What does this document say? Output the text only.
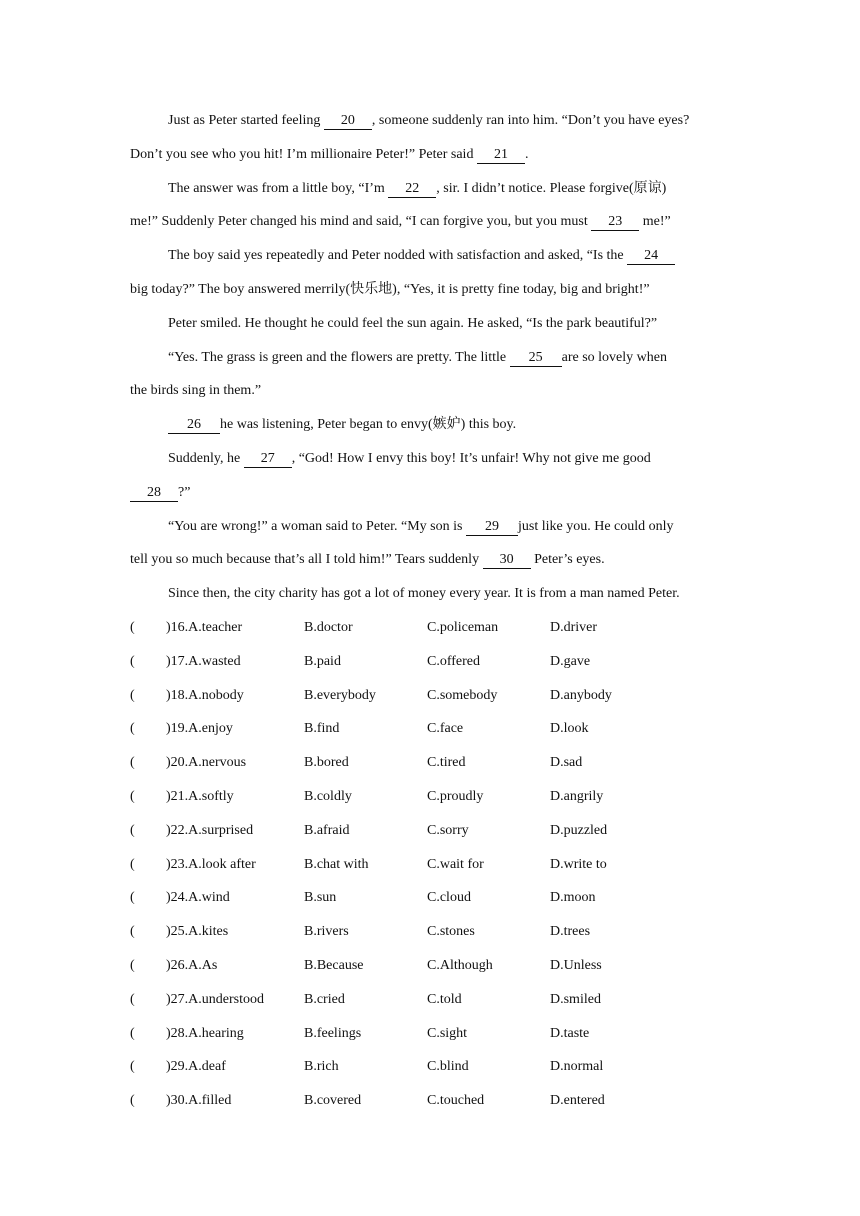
Just as Peter started feeling 20 , someone suddenly ran into him. “Don’t you have eyes?
Don’t you see who you hit! I’m millionaire Peter!” Peter said 21 .
The answer was from a little boy, “I’m 22 , sir. I didn’t notice. Please forgive(原谅)
me!” Suddenly Peter changed his mind and said, “I can forgive you, but you must 23 me!”
The boy said yes repeatedly and Peter nodded with satisfaction and asked, “Is the 24
big today?” The boy answered merrily(快乐地), “Yes, it is pretty fine today, big and bright!”
Peter smiled. He thought he could feel the sun again. He asked, “Is the park beautiful?”
“Yes. The grass is green and the flowers are pretty. The little 25 are so lovely when
the birds sing in them.”
26 he was listening, Peter began to envy(嫉妒) this boy.
Suddenly, he 27 , “God! How I envy this boy! It’s unfair! Why not give me good
28 ?”
“You are wrong!” a woman said to Peter. “My son is 29 just like you. He could only
tell you so much because that’s all I told him!” Tears suddenly 30 Peter’s eyes.
Since then, the city charity has got a lot of money every year. It is from a man named Peter.
( )16.A.teacher	B.doctor	C.policeman	D.driver
( )17.A.wasted	B.paid	C.offered	D.gave
( )18.A.nobody	B.everybody	C.somebody	D.anybody
( )19.A.enjoy	B.find	C.face	D.look
( )20.A.nervous	B.bored	C.tired	D.sad
( )21.A.softly	B.coldly	C.proudly	D.angrily
( )22.A.surprised	B.afraid	C.sorry	D.puzzled
( )23.A.look after	B.chat with	C.wait for	D.write to
( )24.A.wind	B.sun	C.cloud	D.moon
( )25.A.kites	B.rivers	C.stones	D.trees
( )26.A.As	B.Because	C.Although	D.Unless
( )27.A.understood	B.cried	C.told	D.smiled
( )28.A.hearing	B.feelings	C.sight	D.taste
( )29.A.deaf	B.rich	C.blind	D.normal
( )30.A.filled	B.covered	C.touched	D.entered
